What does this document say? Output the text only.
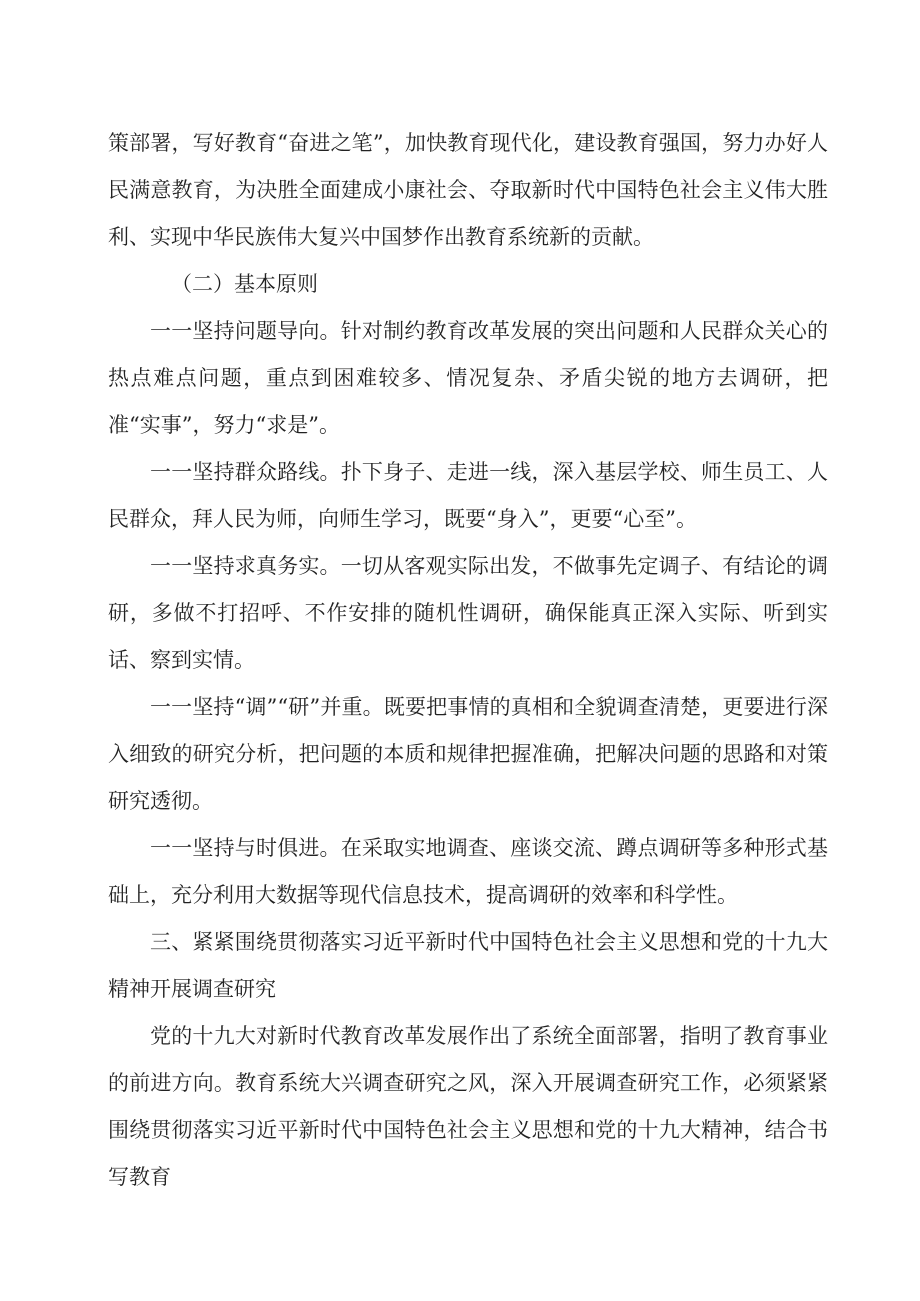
策部署，写好教育“奋进之笔”，加快教育现代化，建设教育强国，努力办好人民满意教育，为决胜全面建成小康社会、夺取新时代中国特色社会主义伟大胜利、实现中华民族伟大复兴中国梦作出教育系统新的贡献。

（二）基本原则

一一坚持问题导向。针对制约教育改革发展的突出问题和人民群众关心的热点难点问题，重点到困难较多、情况复杂、矛盾尖锐的地方去调研，把准“实事”，努力“求是”。

一一坚持群众路线。扑下身子、走进一线，深入基层学校、师生员工、人民群众，拜人民为师，向师生学习，既要“身入”，更要“心至”。

一一坚持求真务实。一切从客观实际出发，不做事先定调子、有结论的调研，多做不打招呼、不作安排的随机性调研，确保能真正深入实际、听到实话、察到实情。

一一坚持“调”“研”并重。既要把事情的真相和全貌调查清楚，更要进行深入细致的研究分析，把问题的本质和规律把握准确，把解决问题的思路和对策研究透彻。

一一坚持与时俱进。在采取实地调查、座谈交流、蹲点调研等多种形式基础上，充分利用大数据等现代信息技术，提高调研的效率和科学性。

三、紧紧围绕贯彻落实习近平新时代中国特色社会主义思想和党的十九大精神开展调查研究

党的十九大对新时代教育改革发展作出了系统全面部署，指明了教育事业的前进方向。教育系统大兴调查研究之风，深入开展调查研究工作，必须紧紧围绕贯彻落实习近平新时代中国特色社会主义思想和党的十九大精神，结合书写教育
